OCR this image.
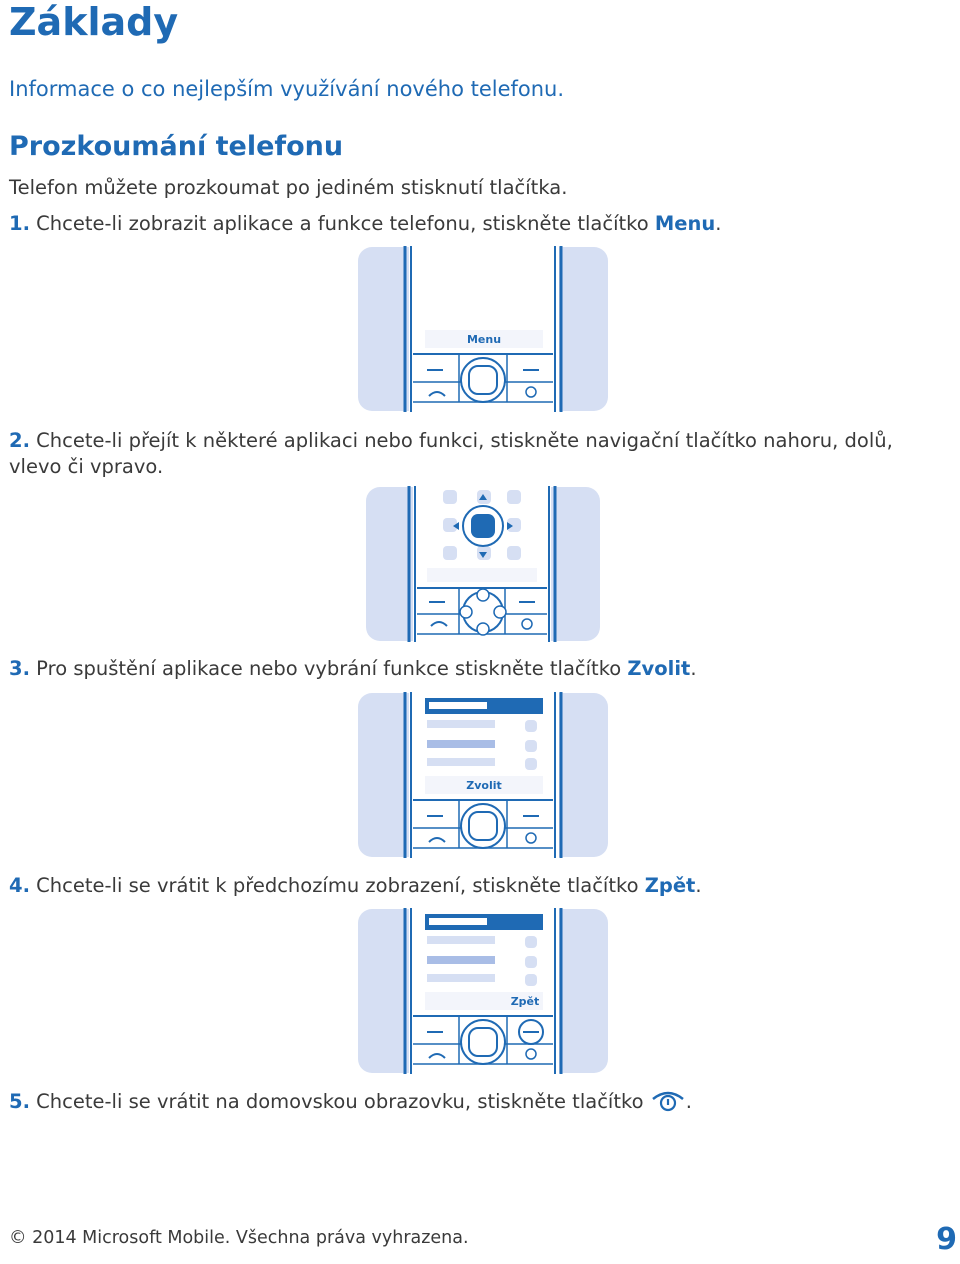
Základy
Informace o co nejlepším využívání nového telefonu.
Prozkoumání telefonu
Telefon můžete prozkoumat po jediném stisknutí tlačítka.
1. Chcete-li zobrazit aplikace a funkce telefonu, stiskněte tlačítko Menu.
Menu
2. Chcete-li přejít k některé aplikaci nebo funkci, stiskněte navigační tlačítko nahoru, dolů, vlevo či vpravo.
3. Pro spuštění aplikace nebo vybrání funkce stiskněte tlačítko Zvolit.
Zvolit
4. Chcete-li se vrátit k předchozímu zobrazení, stiskněte tlačítko Zpět.
Zpět
5. Chcete-li se vrátit na domovskou obrazovku, stiskněte tlačítko .
© 2014 Microsoft Mobile. Všechna práva vyhrazena.	9
